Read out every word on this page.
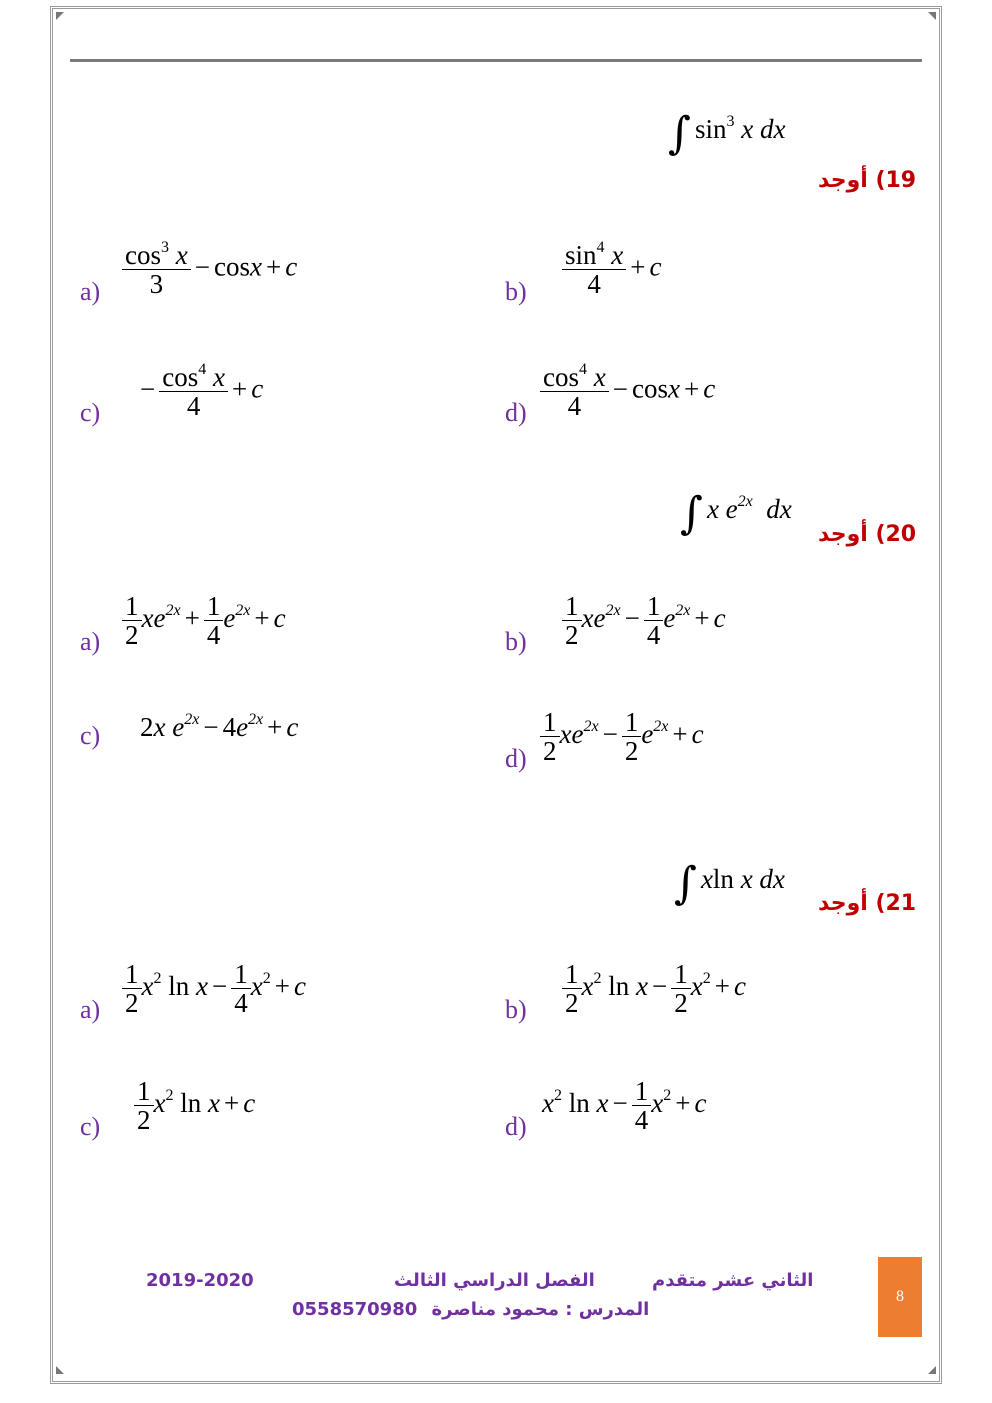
∫ $\sin^3 x$ dx
19) أوجد
$a) \frac{\cos^3 x}{3} - \cos x + c$
$b) \frac{\sin^4 x}{4} + c$
c)
− $\frac{\cos^4 x}{4} + c$
$d) \frac{\cos^4 x}{4} - \cos x + c$
∫ x $e^{2x}$ dx
20) أوجد
$a) \frac{1}{2} xe^{2x} + \frac{1}{4} e^{2x} + c$
$b) \frac{1}{2} xe^{2x} - \frac{1}{4} e^{2x} + c$
c) 2x $e^{2x} - 4e^{2x} + c$
$d) \frac{1}{2} xe^{2x} - \frac{1}{2} e^{2x} + c$
∫ xln x dx
21) أوجد
$a) \frac{1}{2} x^2$ $\ln x - \frac{1}{4} x^2 + c$
$b) \frac{1}{2} x^2$ $\ln x - \frac{1}{2} x^2 + c$
$c) \frac{1}{2} x^2$ ln x + c
d)
$x^2$ $\ln x - \frac{1}{4} x^2 + c$
الثاني عشر متقدم
الفصل الدراسي الثالث
2019-2020
0558570980 المدرس : محمود مناصرة
8
